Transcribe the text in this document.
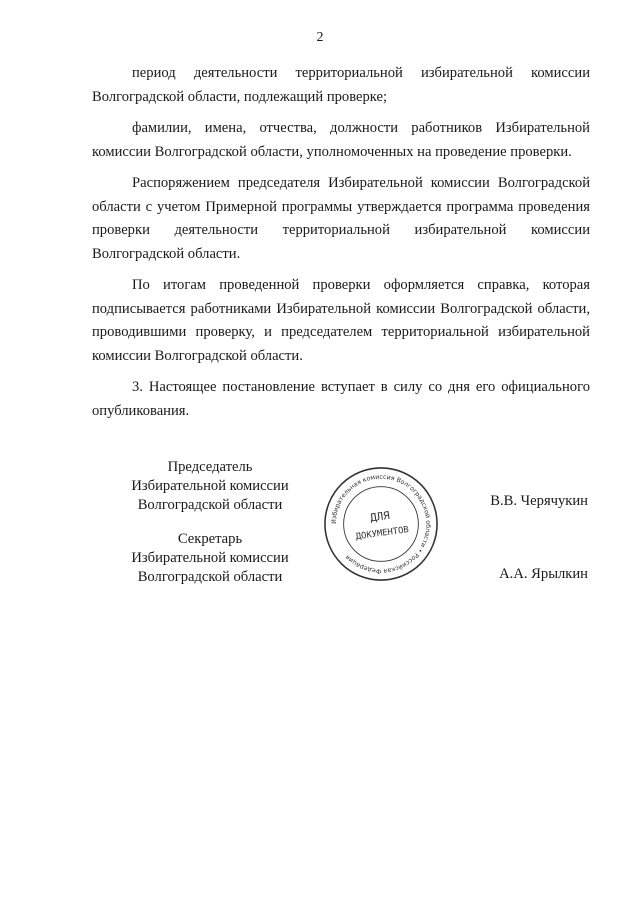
2

период деятельности территориальной избирательной комиссии Волгоградской области, подлежащий проверке;

фамилии, имена, отчества, должности работников Избирательной комиссии Волгоградской области, уполномоченных на проведение проверки.

Распоряжением председателя Избирательной комиссии Волгоградской области с учетом Примерной программы утверждается программа проведения проверки деятельности территориальной избирательной комиссии Волгоградской области.

По итогам проведенной проверки оформляется справка, которая подписывается работниками Избирательной комиссии Волгоградской области, проводившими проверку, и председателем территориальной избирательной комиссии Волгоградской области.

3. Настоящее постановление вступает в силу со дня его официального опубликования.

Председатель
Избирательной комиссии
Волгоградской области	В.В. Черячукин
Секретарь
Избирательной комиссии
Волгоградской области	А.А. Ярылкин
Избирательная комиссия Волгоградской области • Российская Федерация
ДЛЯ
ДОКУМЕНТОВ
